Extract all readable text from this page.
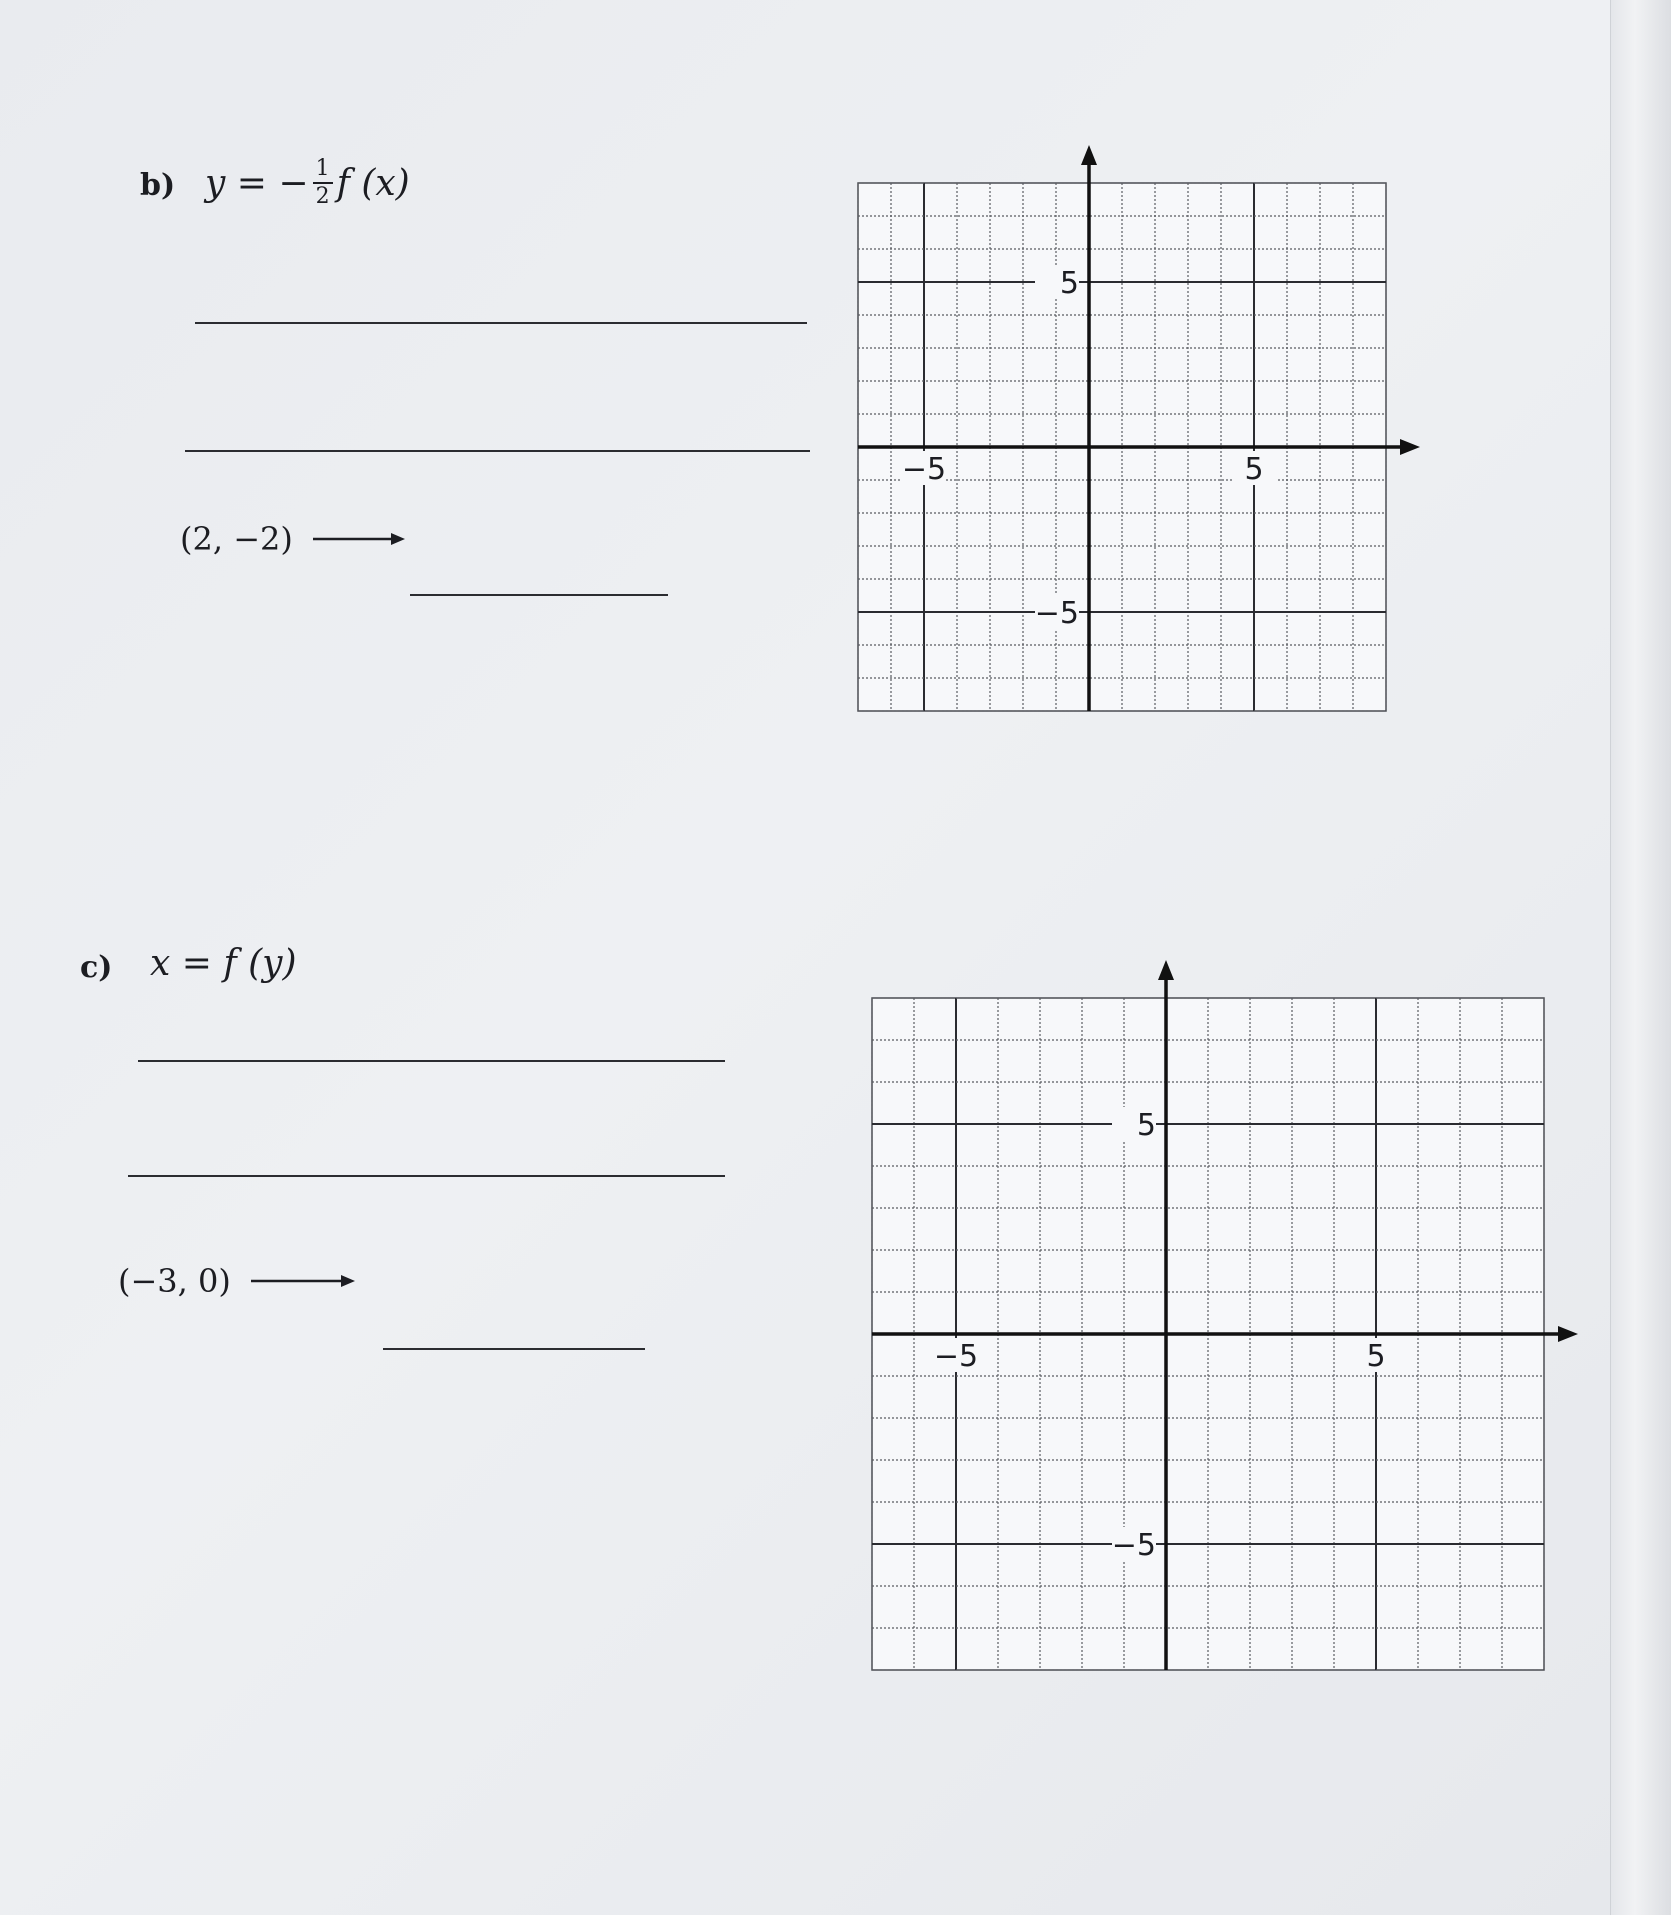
b) y = − $\frac{1}{2}$ f (x)
(2, −2)
−5	5
5
−5
c) x = f (y)
(−3, 0)
−5	5
5
−5
